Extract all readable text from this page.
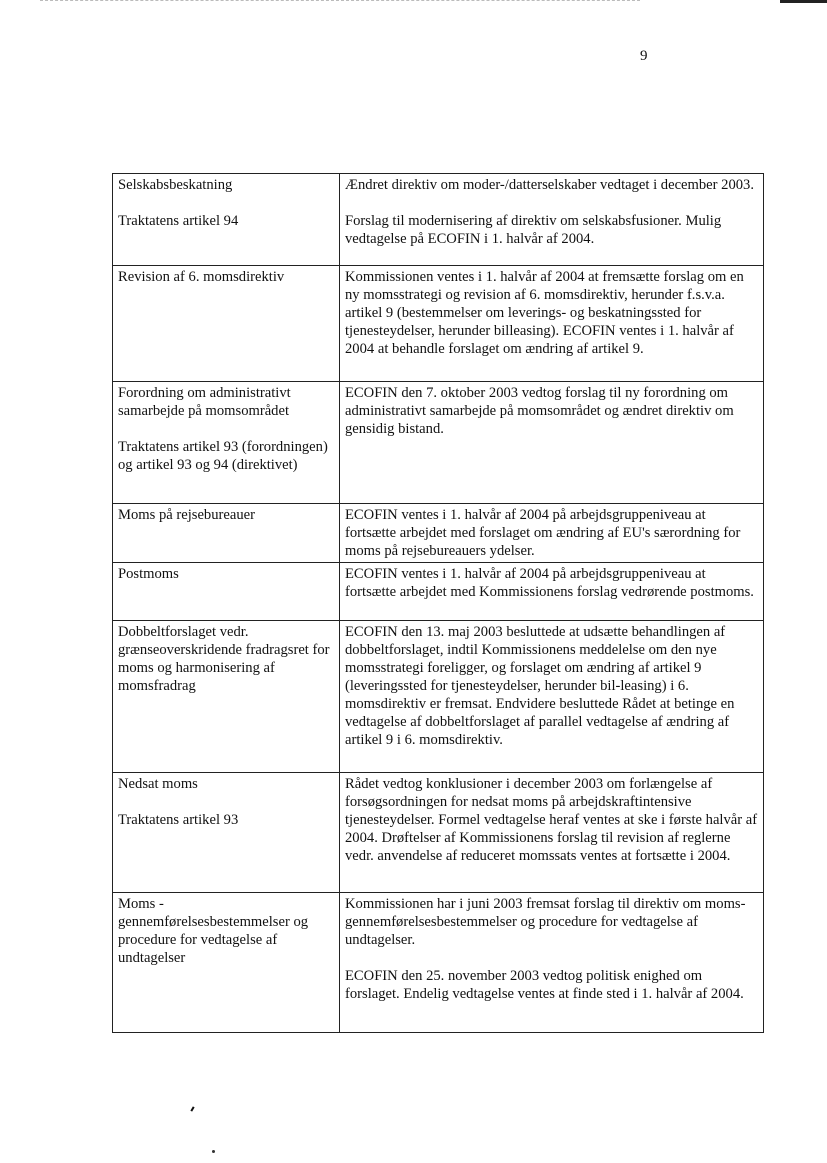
9
Selskabsbeskatning
Traktatens artikel 94	Ændret direktiv om moder-/datterselskaber vedtaget i december 2003.
Forslag til modernisering af direktiv om selskabsfusioner. Mulig vedtagelse på ECOFIN i 1. halvår af 2004.

Revision af 6. momsdirektiv	Kommissionen ventes i 1. halvår af 2004 at fremsætte forslag om en ny momsstrategi og revision af 6. momsdirektiv, herunder f.s.v.a. artikel 9 (bestemmelser om leverings- og beskatningssted for tjenesteydelser, herunder billeasing). ECOFIN ventes i 1. halvår af 2004 at behandle forslaget om ændring af artikel 9.

Forordning om administrativt samarbejde på momsområdet
Traktatens artikel 93 (forordningen) og artikel 93 og 94 (direktivet)	ECOFIN den 7. oktober 2003 vedtog forslag til ny forordning om administrativt samarbejde på momsområdet og ændret direktiv om gensidig bistand.

Moms på rejsebureauer	ECOFIN ventes i 1. halvår af 2004 på arbejdsgruppeniveau at fortsætte arbejdet med forslaget om ændring af EU's særordning for moms på rejsebureauers ydelser.

Postmoms	ECOFIN ventes i 1. halvår af 2004 på arbejdsgruppeniveau at fortsætte arbejdet med Kommissionens forslag vedrørende postmoms.

Dobbeltforslaget vedr. grænseoverskridende fradragsret for moms og harmonisering af momsfradrag	ECOFIN den 13. maj 2003 besluttede at udsætte behandlingen af dobbeltforslaget, indtil Kommissionens meddelelse om den nye momsstrategi foreligger, og forslaget om ændring af artikel 9 (leveringssted for tjenesteydelser, herunder bil-leasing) i 6. momsdirektiv er fremsat. Endvidere besluttede Rådet at betinge en vedtagelse af dobbeltforslaget af parallel vedtagelse af ændring af artikel 9 i 6. momsdirektiv.

Nedsat moms
Traktatens artikel 93	Rådet vedtog konklusioner i december 2003 om forlængelse af forsøgsordningen for nedsat moms på arbejdskraftintensive tjenesteydelser. Formel vedtagelse heraf ventes at ske i første halvår af 2004. Drøftelser af Kommissionens forslag til revision af reglerne vedr. anvendelse af reduceret momssats ventes at fortsætte i 2004.

Moms - gennemførelsesbestemmelser og procedure for vedtagelse af undtagelser	Kommissionen har i juni 2003 fremsat forslag til direktiv om moms-gennemførelsesbestemmelser og procedure for vedtagelse af undtagelser.
ECOFIN den 25. november 2003 vedtog politisk enighed om forslaget. Endelig vedtagelse ventes at finde sted i 1. halvår af 2004.
